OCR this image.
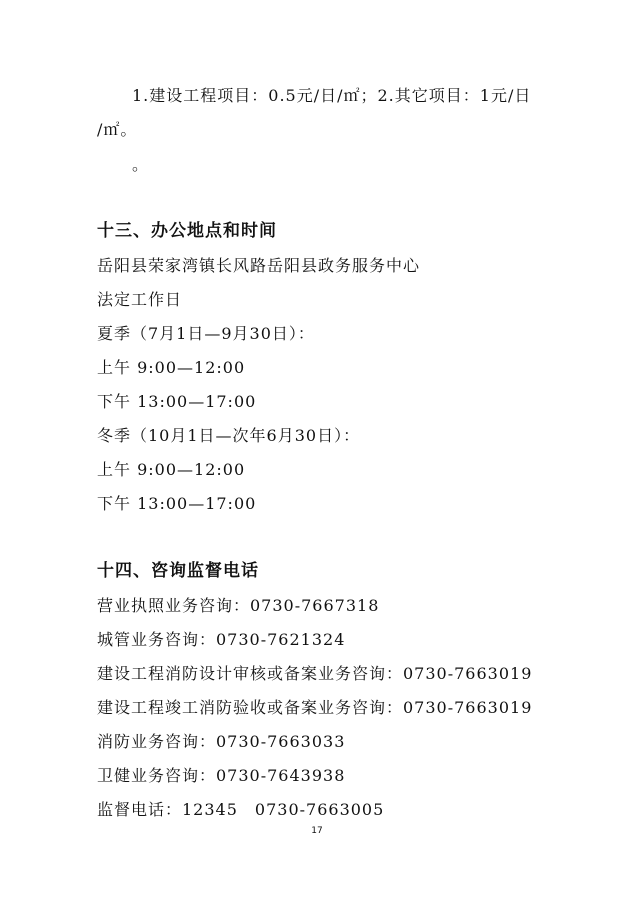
1.建设工程项目：0.5元/日/㎡；2.其它项目：1元/日
/㎡。
。
十三、办公地点和时间
岳阳县荣家湾镇长风路岳阳县政务服务中心
法定工作日
夏季（7月1日—9月30日）：
上午 9:00—12:00
下午 13:00—17:00
冬季（10月1日—次年6月30日）：
上午 9:00—12:00
下午 13:00—17:00
十四、咨询监督电话
营业执照业务咨询：0730-7667318
城管业务咨询：0730-7621324
建设工程消防设计审核或备案业务咨询：0730-7663019
建设工程竣工消防验收或备案业务咨询：0730-7663019
消防业务咨询：0730-7663033
卫健业务咨询：0730-7643938
监督电话：12345　0730-7663005
17
